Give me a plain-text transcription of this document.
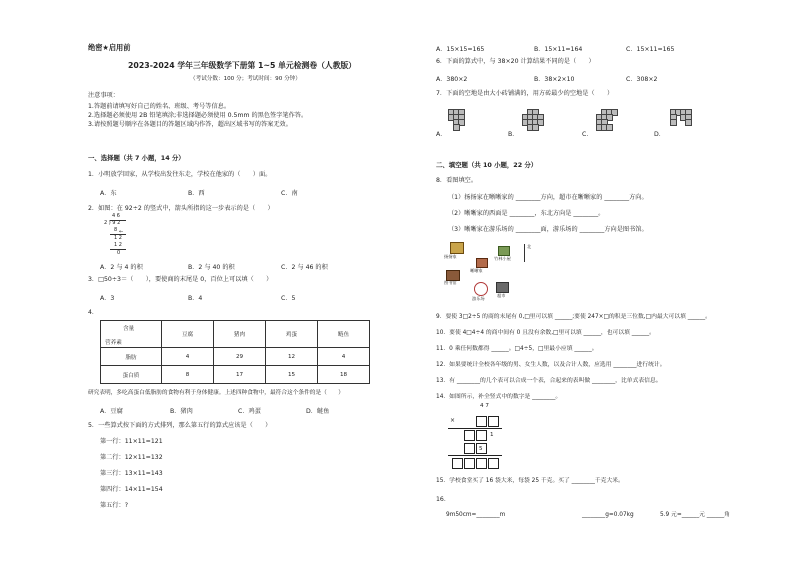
绝密★启用前
2023-2024 学年三年级数学下册第 1~5 单元检测卷（人教版）
（考试分数：100 分；考试时间：90 分钟）
注意事项：
1.答题前请填写好自己的姓名、班级、考号等信息。
2.选择题必须使用 2B 铅笔填涂;非选择题必须使用 0.5mm 的黑色签字笔作答。
3.请按照题号顺序在各题目的答题区域内作答，超出区域书写的答案无效。
一、选择题（共 7 小题，14 分）
1．小明放学回家，从学校出发往东走，学校在他家的（　　）面。
A．东	B．西	C．南
2．如图：在 92÷2 的竖式中，箭头所指的这一步表示的是（　　）
4 6
2 ) 9 2
8 ←
1 2
1 2
0
A．2 与 4 的积	B．2 与 40 的积	C．2 与 46 的积
3．□50÷3＝（　　），要使商的末尾是 0，百位上可以填（　　）
A．3	B．4	C．5
4．
含量
营养素	豆腐	猪肉	鸡蛋	鲢鱼
脂肪	4	29	12	4
蛋白质	8	17	15	18
研究表明，多吃高蛋白低脂肪的食物有利于身体健康。上述四种食物中，最符合这个条件的是（　　）
A．豆腐	B．猪肉	C．鸡蛋	D．鲢鱼
5．一些算式按下面的方式排列，那么第五行的算式应该是（　　）
第一行：11×11=121
第二行：12×11=132
第三行：13×11=143
第四行：14×11=154
第五行：?
A．15×15=165	B．15×11=164	C．15×11=165
6．下面的算式中，与 38×20 计算结果不同的是（　　）
A．380×2	B．38×2×10	C．308×2
7．下面的空地是由大小砖铺满的，用方砖最少的空地是（　　）
A．	B．	C．	D．
二、填空题（共 10 小题，22 分）
8．看图填空。
（1）扬扬家在晰晰家的 ________方向，超市在晰晰家的 ________方向。
（2）晰晰家的西面是 ________，东北方向是 ________。
（3）晰晰家在游乐场的 ________面，游乐场的 ________方向是图书馆。
扬扬家	竹林小屋
晰晰家
图书馆
超市
游乐场
北
9．要使 3□2÷5 的商的末尾有 0,□里可以填 ______;要使 247×□的积是三位数,□内最大可以填 ______。
10．要使 4□4÷4 的商中间有 0 且没有余数,□里可以填 ______，也可以填 ______。
11．0 乘任何数都得 ______。□4÷5，□里最小应填 ______。
12．如果要统计全校各年级的男、女生人数，以及合计人数，应选用 ________进行统计。
13．有 ________的几个表可以合成一个表，合起来的表叫做 ________，比单式表信息。
14．如图所示，补全竖式中的数字是 ________。
4 7
×
1
5
15．学校食堂买了 16 袋大米，每袋 25 千克。买了 ________千克大米。
16．
9m50cm=________m	________g=0.07kg	5.9 元=______元 ______角
